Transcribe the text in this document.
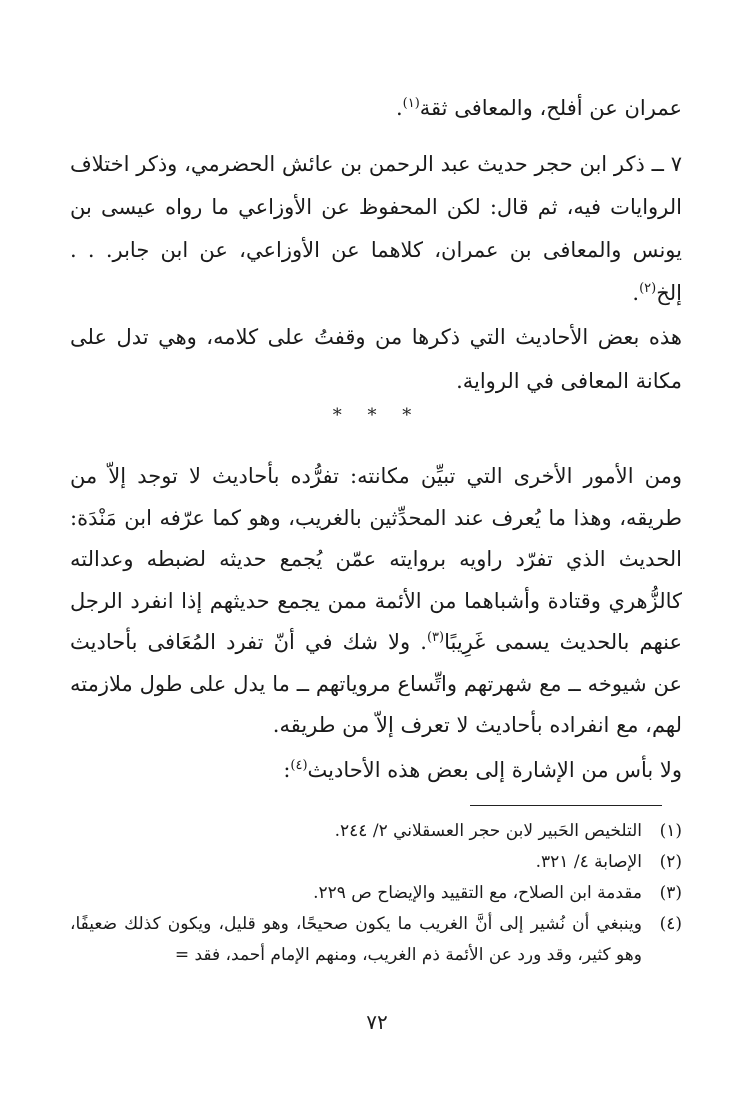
عمران عن أفلح، والمعافى ثقة$^{(١)}$.

٧ ــ ذكر ابن حجر حديث عبد الرحمن بن عائش الحضرمي، وذكر اختلاف الروايات فيه، ثم قال: لكن المحفوظ عن الأوزاعي ما رواه عيسى بن يونس والمعافى بن عمران، كلاهما عن الأوزاعي، عن ابن جابر. . . إلخ$^{(٢)}$.

هذه بعض الأحاديث التي ذكرها من وقفتُ على كلامه، وهي تدل على مكانة المعافى في الرواية.

* * *

ومن الأمور الأخرى التي تبيِّن مكانته: تفرُّده بأحاديث لا توجد إلاّ من طريقه، وهذا ما يُعرف عند المحدِّثين بالغريب، وهو كما عرّفه ابن مَنْدَة: الحديث الذي تفرّد راويه بروايته عمّن يُجمع حديثه لضبطه وعدالته كالزُّهري وقتادة وأشباهما من الأئمة ممن يجمع حديثهم إذا انفرد الرجل عنهم بالحديث يسمى غَرِيبًا$^{(٣)}$. ولا شك في أنّ تفرد المُعَافى بأحاديث عن شيوخه ــ مع شهرتهم واتِّساع مروياتهم ــ ما يدل على طول ملازمته لهم، مع انفراده بأحاديث لا تعرف إلاّ من طريقه.

ولا بأس من الإشارة إلى بعض هذه الأحاديث$^{(٤)}$:

(١)
التلخيص الحَبير لابن حجر العسقلاني ٢/ ٢٤٤.
(٢)
الإصابة ٤/ ٣٢١.
(٣)
مقدمة ابن الصلاح، مع التقييد والإيضاح ص ٢٢٩.
(٤)
وينبغي أن نُشير إلى أنَّ الغريب ما يكون صحيحًا، وهو قليل، ويكون كذلك ضعيفًا، وهو كثير، وقد ورد عن الأئمة ذم الغريب، ومنهم الإمام أحمد، فقد =
٧٢
